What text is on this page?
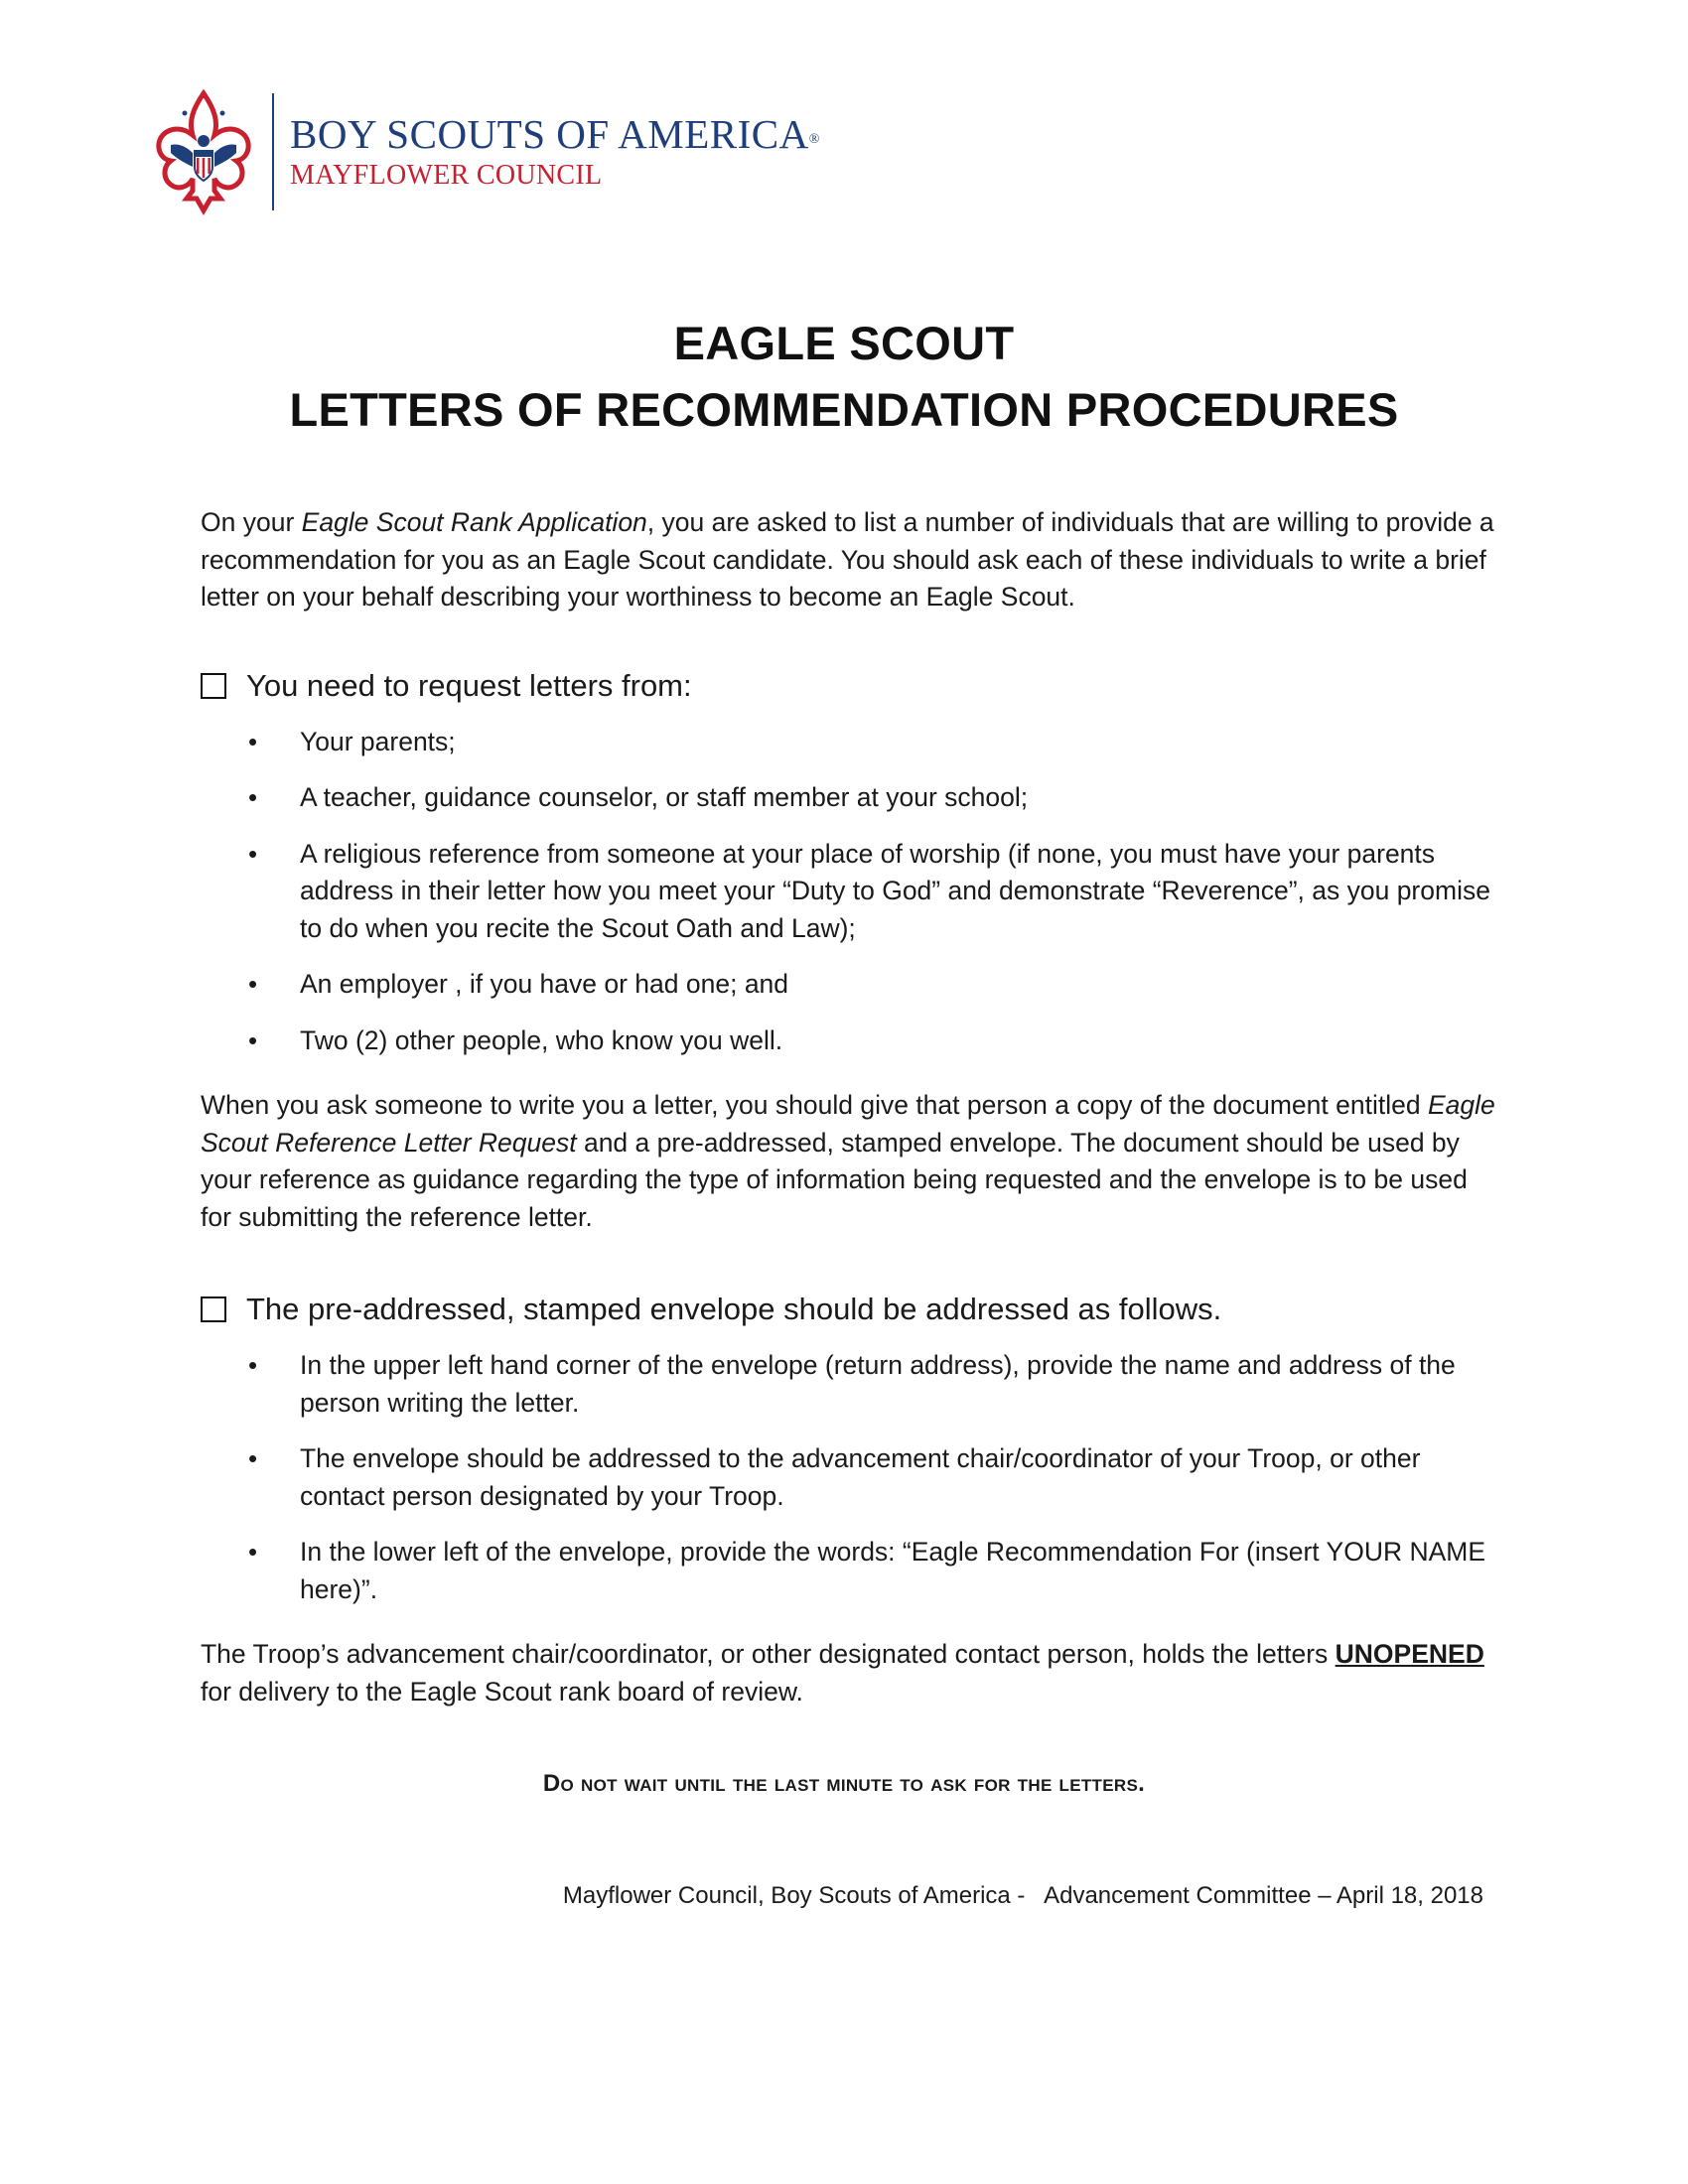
BOY SCOUTS OF AMERICA®
MAYFLOWER COUNCIL
EAGLE SCOUT
LETTERS OF RECOMMENDATION PROCEDURES

On your Eagle Scout Rank Application, you are asked to list a number of individuals that are willing to provide a recommendation for you as an Eagle Scout candidate. You should ask each of these individuals to write a brief letter on your behalf describing your worthiness to become an Eagle Scout.

You need to request letters from:
•	Your parents;
•	A teacher, guidance counselor, or staff member at your school;
•	A religious reference from someone at your place of worship (if none, you must have your parents address in their letter how you meet your “Duty to God” and demonstrate “Reverence”, as you promise to do when you recite the Scout Oath and Law);
•	An employer , if you have or had one; and
•	Two (2) other people, who know you well.

When you ask someone to write you a letter, you should give that person a copy of the document entitled Eagle Scout Reference Letter Request and a pre-addressed, stamped envelope. The document should be used by your reference as guidance regarding the type of information being requested and the envelope is to be used for submitting the reference letter.

The pre-addressed, stamped envelope should be addressed as follows.
•	In the upper left hand corner of the envelope (return address), provide the name and address of the person writing the letter.
•	The envelope should be addressed to the advancement chair/coordinator of your Troop, or other contact person designated by your Troop.
•	In the lower left of the envelope, provide the words: “Eagle Recommendation For (insert YOUR NAME here)”.

The Troop’s advancement chair/coordinator, or other designated contact person, holds the letters UNOPENED for delivery to the Eagle Scout rank board of review.

Do not wait until the last minute to ask for the letters.
Mayflower Council, Boy Scouts of America -   Advancement Committee – April 18, 2018
